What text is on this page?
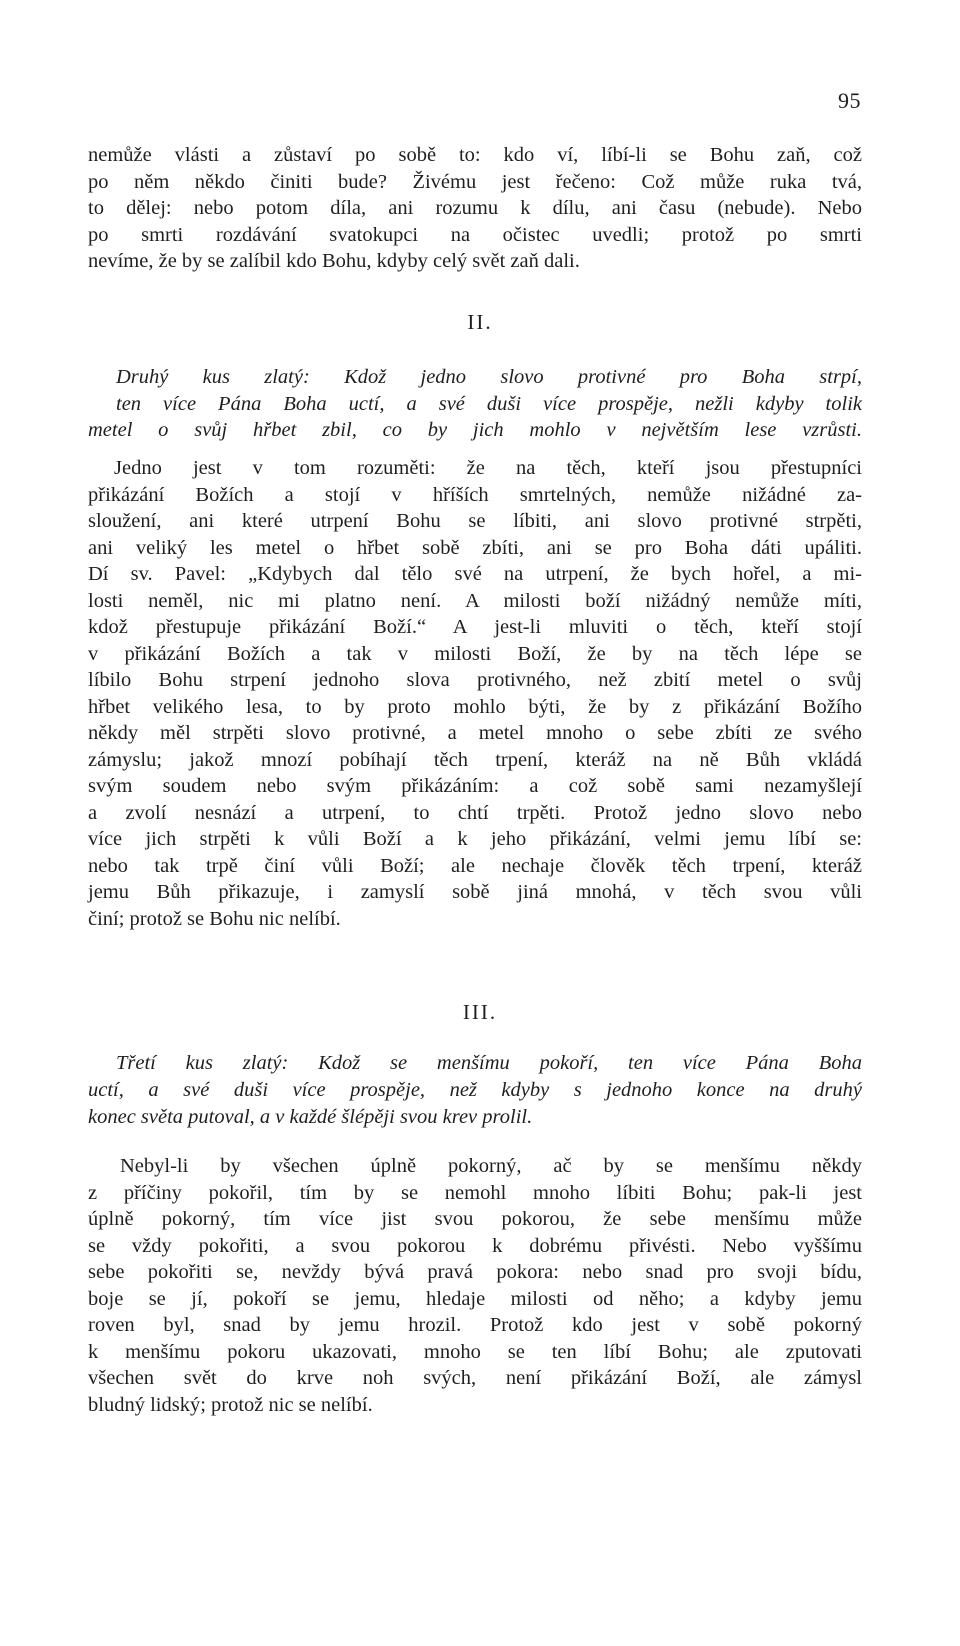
95
nemůže vlásti a zůstaví po sobě to: kdo ví, líbí-li se Bohu zaň, což
po něm někdo činiti bude? Živému jest řečeno: Což může ruka tvá,
to dělej: nebo potom díla, ani rozumu k dílu, ani času (nebude). Nebo
po smrti rozdávání svatokupci na očistec uvedli; protož po smrti
nevíme, že by se zalíbil kdo Bohu, kdyby celý svět zaň dali.
II.
Druhý kus zlatý: Kdož jedno slovo protivné pro Boha strpí,
ten více Pána Boha uctí, a své duši více prospěje, nežli kdyby tolik
metel o svůj hřbet zbil, co by jich mohlo v největším lese vzrůsti.
Jedno jest v tom rozuměti: že na těch, kteří jsou přestupníci
přikázání Božích a stojí v hříších smrtelných, nemůže nižádné za-
sloužení, ani které utrpení Bohu se líbiti, ani slovo protivné strpěti,
ani veliký les metel o hřbet sobě zbíti, ani se pro Boha dáti upáliti.
Dí sv. Pavel: „Kdybych dal tělo své na utrpení, že bych hořel, a mi-
losti neměl, nic mi platno není. A milosti boží nižádný nemůže míti,
kdož přestupuje přikázání Boží.“ A jest-li mluviti o těch, kteří stojí
v přikázání Božích a tak v milosti Boží, že by na těch lépe se
líbilo Bohu strpení jednoho slova protivného, než zbití metel o svůj
hřbet velikého lesa, to by proto mohlo býti, že by z přikázání Božího
někdy měl strpěti slovo protivné, a metel mnoho o sebe zbíti ze svého
zámyslu; jakož mnozí pobíhají těch trpení, kteráž na ně Bůh vkládá
svým soudem nebo svým přikázáním: a což sobě sami nezamyšlejí
a zvolí nesnází a utrpení, to chtí trpěti. Protož jedno slovo nebo
více jich strpěti k vůli Boží a k jeho přikázání, velmi jemu líbí se:
nebo tak trpě činí vůli Boží; ale nechaje člověk těch trpení, kteráž
jemu Bůh přikazuje, i zamyslí sobě jiná mnohá, v těch svou vůli
činí; protož se Bohu nic nelíbí.
III.
Třetí kus zlatý: Kdož se menšímu pokoří, ten více Pána Boha
uctí, a své duši více prospěje, než kdyby s jednoho konce na druhý
konec světa putoval, a v každé šlépěji svou krev prolil.
Nebyl-li by všechen úplně pokorný, ač by se menšímu někdy
z příčiny pokořil, tím by se nemohl mnoho líbiti Bohu; pak-li jest
úplně pokorný, tím více jist svou pokorou, že sebe menšímu může
se vždy pokořiti, a svou pokorou k dobrému přivésti. Nebo vyššímu
sebe pokořiti se, nevždy bývá pravá pokora: nebo snad pro svoji bídu,
boje se jí, pokoří se jemu, hledaje milosti od něho; a kdyby jemu
roven byl, snad by jemu hrozil. Protož kdo jest v sobě pokorný
k menšímu pokoru ukazovati, mnoho se ten líbí Bohu; ale zputovati
všechen svět do krve noh svých, není přikázání Boží, ale zámysl
bludný lidský; protož nic se nelíbí.
